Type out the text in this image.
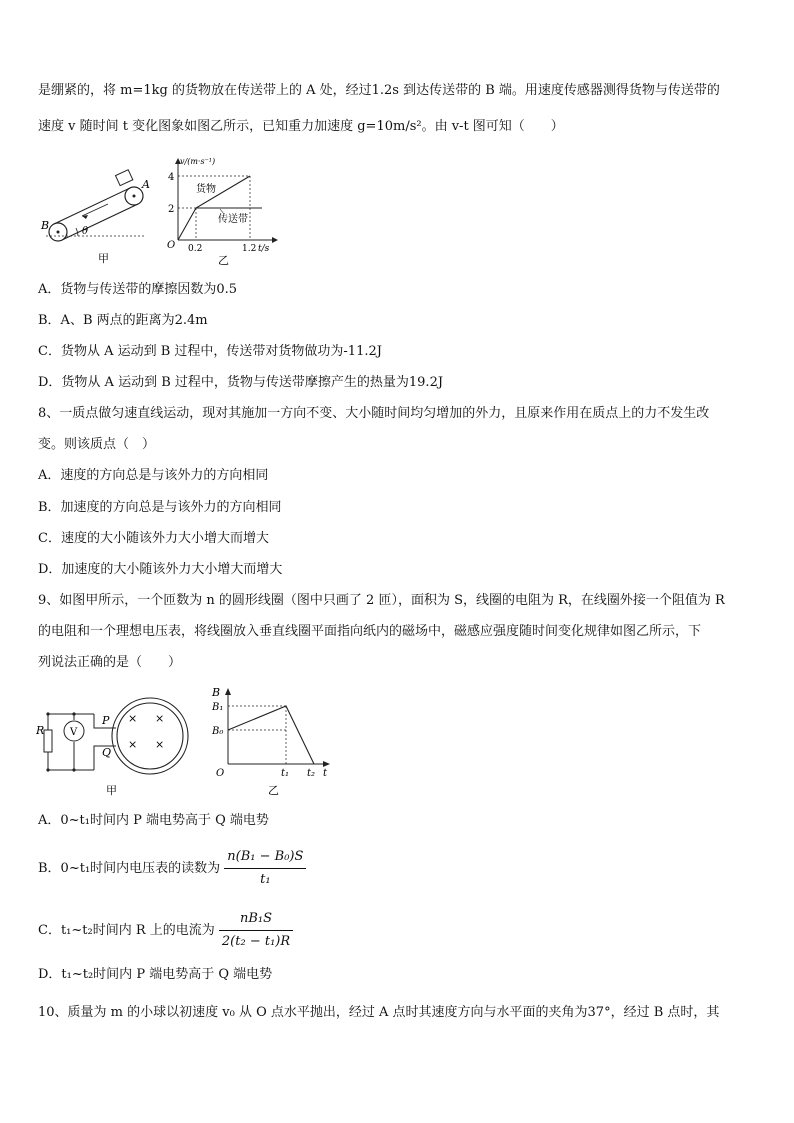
是绷紧的，将 m=1kg 的货物放在传送带上的 A 处，经过1.2s 到达传送带的 B 端。用速度传感器测得货物与传送带的
速度 v 随时间 t 变化图象如图乙所示，已知重力加速度 g=10m/s²。由 v-t 图可知（　　）
A
B	θ
甲
v/(m·s⁻¹)
4
2
O 0.2	1.2 t/s
货物
传送带
乙
A．货物与传送带的摩擦因数为0.5
B．A、B 两点的距离为2.4m
C．货物从 A 运动到 B 过程中，传送带对货物做功为-11.2J
D．货物从 A 运动到 B 过程中，货物与传送带摩擦产生的热量为19.2J
8、一质点做匀速直线运动，现对其施加一方向不变、大小随时间均匀增加的外力，且原来作用在质点上的力不发生改
变。则该质点（　）
A．速度的方向总是与该外力的方向相同
B．加速度的方向总是与该外力的方向相同
C．速度的大小随该外力大小增大而增大
D．加速度的大小随该外力大小增大而增大
9、如图甲所示，一个匝数为 n 的圆形线圈（图中只画了 2 匝），面积为 S，线圈的电阻为 R，在线圈外接一个阻值为 R
的电阻和一个理想电压表，将线圈放入垂直线圈平面指向纸内的磁场中，磁感应强度随时间变化规律如图乙所示，下
列说法正确的是（　　）
× ×
× ×
R	V
P
Q
甲
B
B₁
B₀
O	t₁ t₂ t
乙
A．0~t₁时间内 P 端电势高于 Q 端电势
B．0~t₁时间内电压表的读数为 $\frac{\text{n(B₁ − B₀)S}}{\text{t₁}}$
C．t₁~t₂时间内 R 上的电流为 $\frac{\text{nB₁S}}{\text{2(t₂ − t₁)R}}$
D．t₁~t₂时间内 P 端电势高于 Q 端电势
10、质量为 m 的小球以初速度 v₀ 从 O 点水平抛出，经过 A 点时其速度方向与水平面的夹角为37°，经过 B 点时，其
